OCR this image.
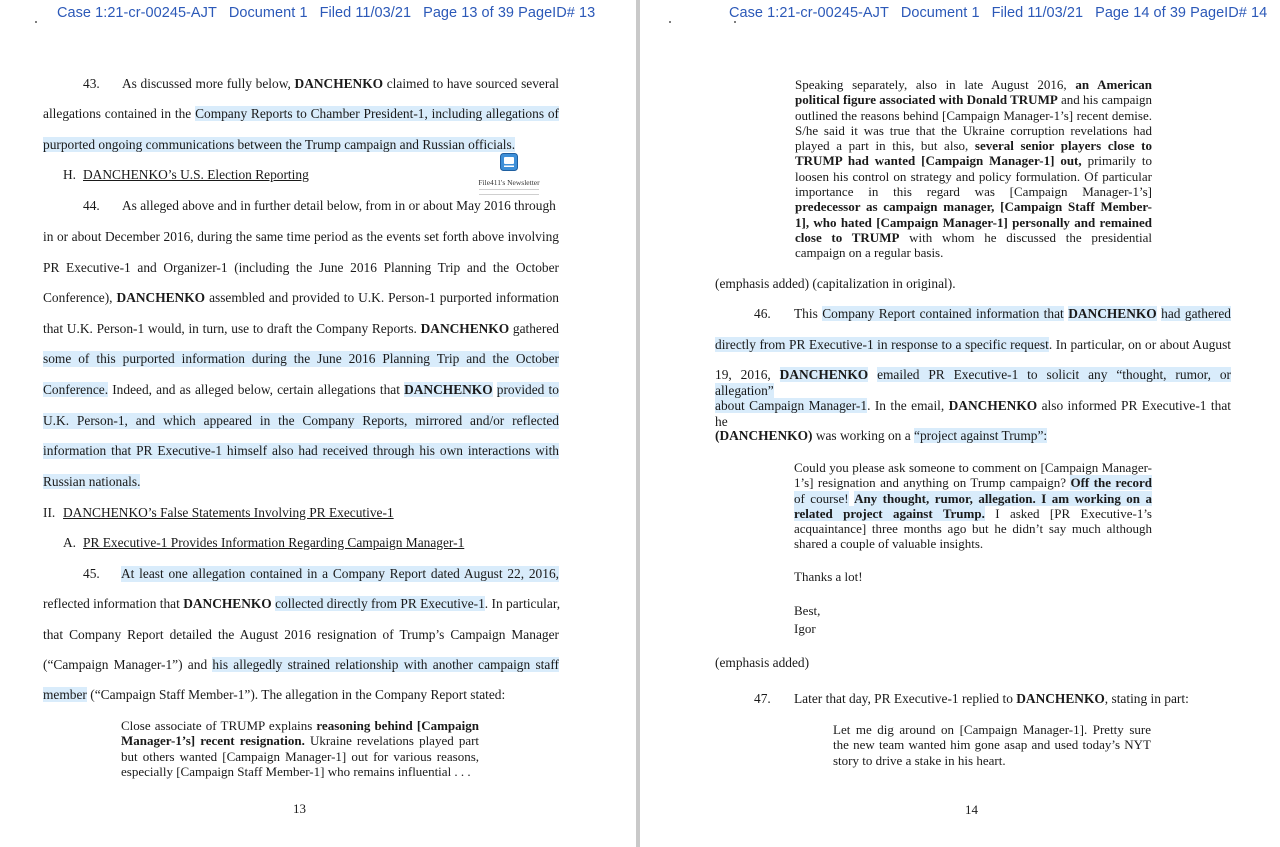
Case 1:21-cr-00245-AJT Document 1 Filed 11/03/21 Page 13 of 39 PageID# 13
43. As discussed more fully below, DANCHENKO claimed to have sourced several
allegations contained in the Company Reports to Chamber President-1, including allegations of
purported ongoing communications between the Trump campaign and Russian officials.
H. DANCHENKO’s U.S. Election Reporting
File411's Newsletter
44. As alleged above and in further detail below, from in or about May 2016 through
in or about December 2016, during the same time period as the events set forth above involving
PR Executive-1 and Organizer-1 (including the June 2016 Planning Trip and the October
Conference), DANCHENKO assembled and provided to U.K. Person-1 purported information
that U.K. Person-1 would, in turn, use to draft the Company Reports. DANCHENKO gathered
some of this purported information during the June 2016 Planning Trip and the October
Conference. Indeed, and as alleged below, certain allegations that DANCHENKO provided to
U.K. Person-1, and which appeared in the Company Reports, mirrored and/or reflected
information that PR Executive-1 himself also had received through his own interactions with
Russian nationals.
II. DANCHENKO’s False Statements Involving PR Executive-1
A. PR Executive-1 Provides Information Regarding Campaign Manager-1
45. At least one allegation contained in a Company Report dated August 22, 2016,
reflected information that DANCHENKO collected directly from PR Executive-1. In particular,
that Company Report detailed the August 2016 resignation of Trump’s Campaign Manager
(“Campaign Manager-1”) and his allegedly strained relationship with another campaign staff
member (“Campaign Staff Member-1”). The allegation in the Company Report stated:
Close associate of TRUMP explains reasoning behind [Campaign
Manager-1’s] recent resignation. Ukraine revelations played part
but others wanted [Campaign Manager-1] out for various reasons,
especially [Campaign Staff Member-1] who remains influential . . .
13
Case 1:21-cr-00245-AJT Document 1 Filed 11/03/21 Page 14 of 39 PageID# 14
Speaking separately, also in late August 2016, an American
political figure associated with Donald TRUMP and his campaign
outlined the reasons behind [Campaign Manager-1’s] recent demise.
S/he said it was true that the Ukraine corruption revelations had
played a part in this, but also, several senior players close to
TRUMP had wanted [Campaign Manager-1] out, primarily to
loosen his control on strategy and policy formulation. Of particular
importance in this regard was [Campaign Manager-1’s]
predecessor as campaign manager, [Campaign Staff Member-
1], who hated [Campaign Manager-1] personally and remained
close to TRUMP with whom he discussed the presidential
campaign on a regular basis.
(emphasis added) (capitalization in original).
46. This Company Report contained information that DANCHENKO had gathered
directly from PR Executive-1 in response to a specific request. In particular, on or about August
19, 2016, DANCHENKO emailed PR Executive-1 to solicit any “thought, rumor, or allegation”
about Campaign Manager-1. In the email, DANCHENKO also informed PR Executive-1 that he
(DANCHENKO) was working on a “project against Trump”:
Could you please ask someone to comment on [Campaign Manager-
1’s] resignation and anything on Trump campaign? Off the record
of course! Any thought, rumor, allegation. I am working on a
related project against Trump. I asked [PR Executive-1’s
acquaintance] three months ago but he didn’t say much although
shared a couple of valuable insights.
Thanks a lot!
Best,
Igor
(emphasis added)
47. Later that day, PR Executive-1 replied to DANCHENKO, stating in part:
Let me dig around on [Campaign Manager-1]. Pretty sure
the new team wanted him gone asap and used today’s NYT
story to drive a stake in his heart.
14
